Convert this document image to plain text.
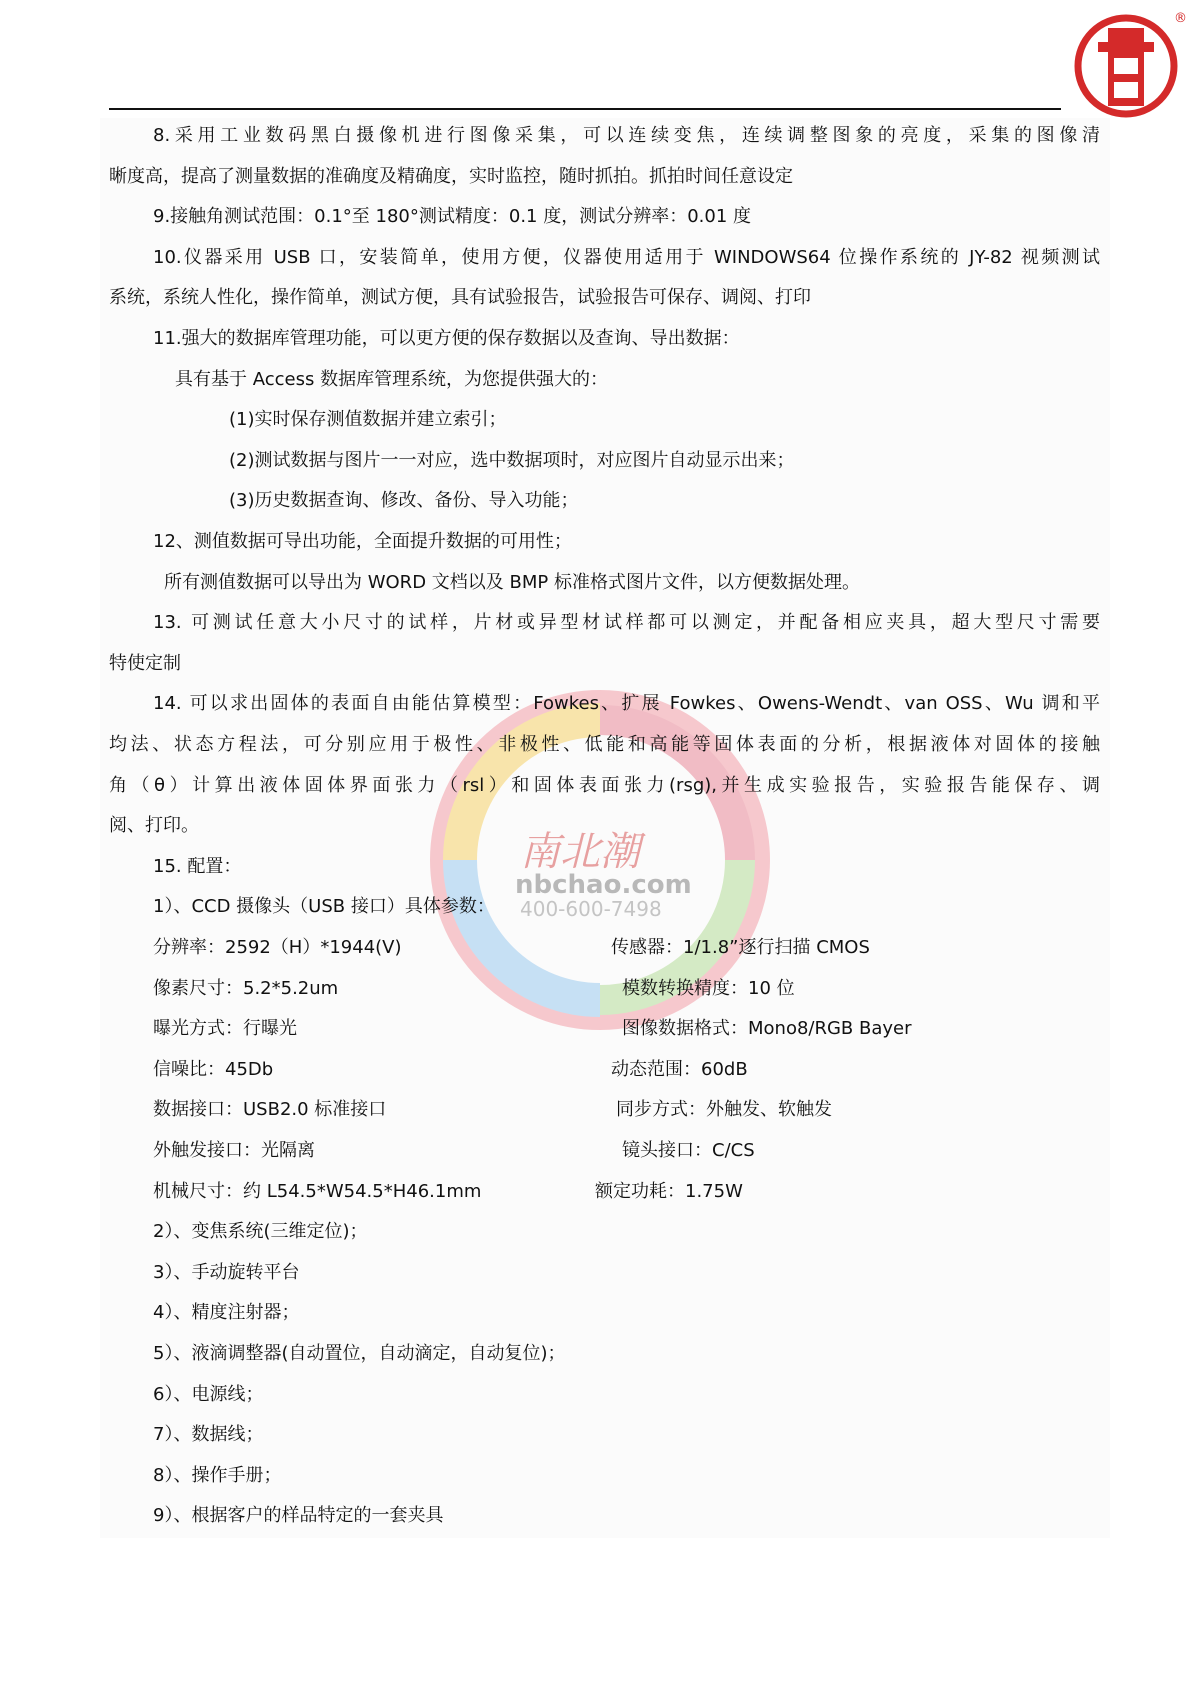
南北潮
nbchao.com
400-600-7498
®
8.采用工业数码黑白摄像机进行图像采集，可以连续变焦，连续调整图象的亮度，采集的图像清
晰度高，提高了测量数据的准确度及精确度，实时监控，随时抓拍。抓拍时间任意设定
9.接触角测试范围：0.1°至 180°测试精度：0.1 度，测试分辨率：0.01 度
10.仪器采用 USB 口，安装简单，使用方便，仪器使用适用于 WINDOWS64 位操作系统的 JY-82 视频测试
系统，系统人性化，操作简单，测试方便，具有试验报告，试验报告可保存、调阅、打印
11.强大的数据库管理功能，可以更方便的保存数据以及查询、导出数据：
具有基于 Access 数据库管理系统，为您提供强大的：
(1)实时保存测值数据并建立索引；
(2)测试数据与图片一一对应，选中数据项时，对应图片自动显示出来；
(3)历史数据查询、修改、备份、导入功能；
12、测值数据可导出功能，全面提升数据的可用性；
所有测值数据可以导出为 WORD 文档以及 BMP 标准格式图片文件，以方便数据处理。
13. 可测试任意大小尺寸的试样，片材或异型材试样都可以测定，并配备相应夹具，超大型尺寸需要
特使定制
14. 可以求出固体的表面自由能估算模型：Fowkes、扩展 Fowkes、Owens-Wendt、van OSS、Wu 调和平
均法、状态方程法，可分别应用于极性、非极性、低能和高能等固体表面的分析，根据液体对固体的接触
角（θ）计算出液体固体界面张力（rsl）和固体表面张力(rsg),并生成实验报告，实验报告能保存、调
阅、打印。
15. 配置：
1）、CCD 摄像头（USB 接口）具体参数：
分辨率：2592（H）*1944(V)	传感器：1/1.8”逐行扫描 CMOS
像素尺寸：5.2*5.2um	模数转换精度：10 位
曝光方式：行曝光	图像数据格式：Mono8/RGB Bayer
信噪比：45Db	动态范围：60dB
数据接口：USB2.0 标准接口	同步方式：外触发、软触发
外触发接口：光隔离	镜头接口：C/CS
机械尺寸：约 L54.5*W54.5*H46.1mm	额定功耗：1.75W
2）、变焦系统(三维定位)；
3）、手动旋转平台
4）、精度注射器；
5）、液滴调整器(自动置位，自动滴定，自动复位)；
6）、电源线；
7）、数据线；
8）、操作手册；
9）、根据客户的样品特定的一套夹具
